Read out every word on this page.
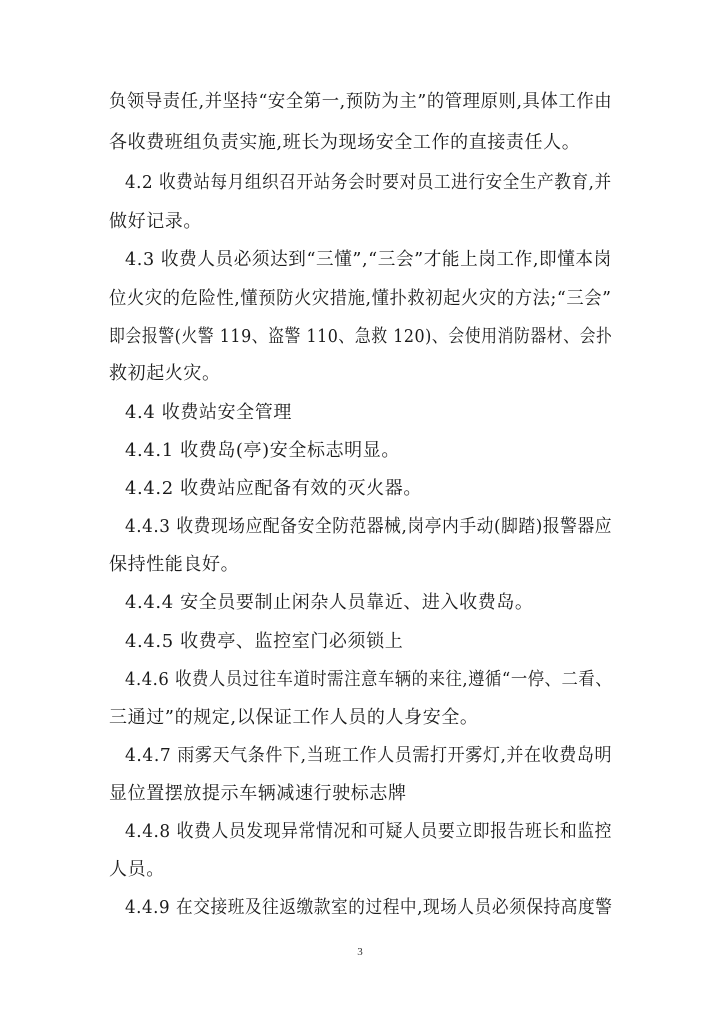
负领导责任,并坚持“安全第一,预防为主”的管理原则,具体工作由
各收费班组负责实施,班长为现场安全工作的直接责任人。
4.2 收费站每月组织召开站务会时要对员工进行安全生产教育,并
做好记录。
4.3 收费人员必须达到“三懂”,“三会”才能上岗工作,即懂本岗
位火灾的危险性,懂预防火灾措施,懂扑救初起火灾的方法;“三会”
即会报警(火警 119、盗警 110、急救 120)、会使用消防器材、会扑
救初起火灾。
4.4 收费站安全管理
4.4.1 收费岛(亭)安全标志明显。
4.4.2 收费站应配备有效的灭火器。
4.4.3 收费现场应配备安全防范器械,岗亭内手动(脚踏)报警器应
保持性能良好。
4.4.4 安全员要制止闲杂人员靠近、进入收费岛。
4.4.5 收费亭、监控室门必须锁上
4.4.6 收费人员过往车道时需注意车辆的来往,遵循“一停、二看、
三通过”的规定,以保证工作人员的人身安全。
4.4.7 雨雾天气条件下,当班工作人员需打开雾灯,并在收费岛明
显位置摆放提示车辆减速行驶标志牌
4.4.8 收费人员发现异常情况和可疑人员要立即报告班长和监控
人员。
4.4.9 在交接班及往返缴款室的过程中,现场人员必须保持高度警
3
